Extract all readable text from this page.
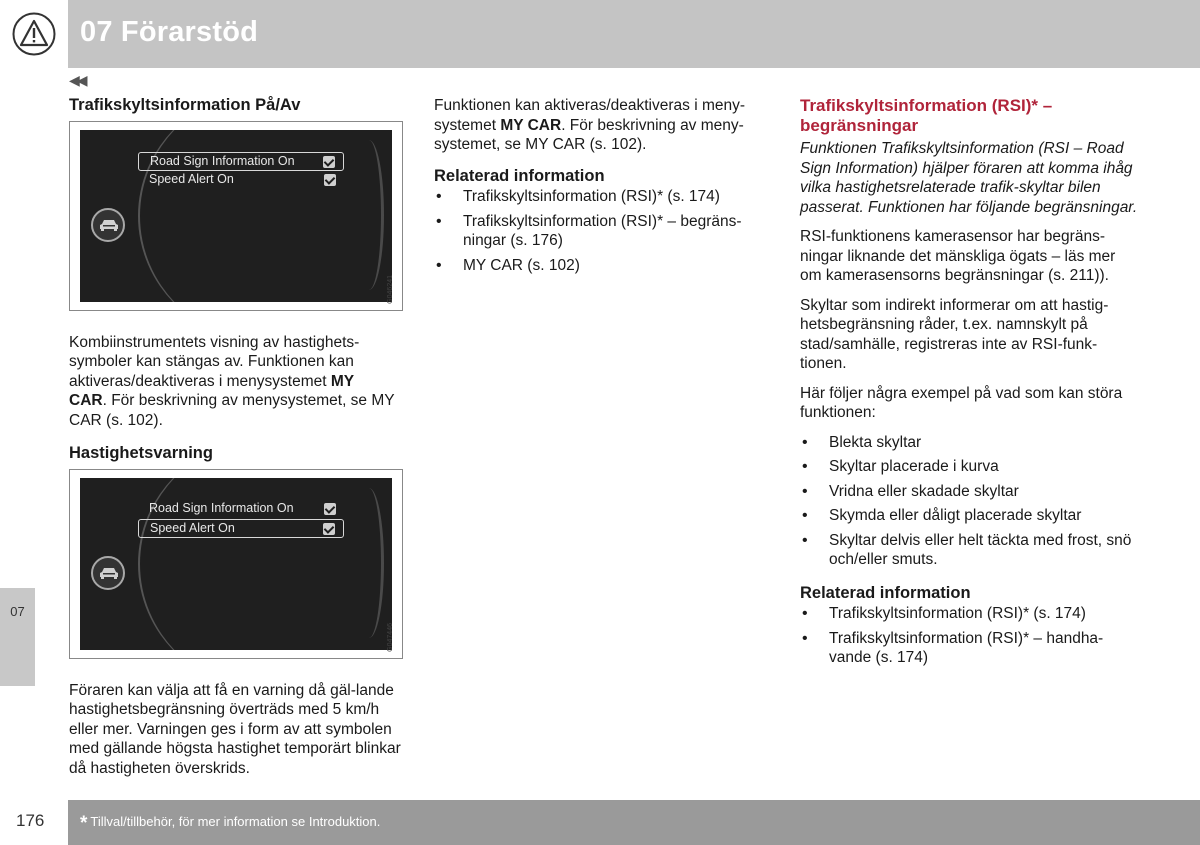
07 Förarstöd
◀◀
07
Trafikskyltsinformation På/Av
Road Sign Information On
Speed Alert On
G046241

Kombiinstrumentets visning av hastighets-symboler kan stängas av. Funktionen kan aktiveras/deaktiveras i menysystemet MY
CAR. För beskrivning av menysystemet, se MY CAR (s. 102).

Hastighetsvarning
Road Sign Information On
Speed Alert On
G047446

Föraren kan välja att få en varning då gäl-lande hastighetsbegränsning överträds med 5 km/h eller mer. Varningen ges i form av att symbolen med gällande högsta hastighet temporärt blinkar då hastigheten överskrids.

Funktionen kan aktiveras/deaktiveras i meny-systemet MY CAR. För beskrivning av meny-systemet, se MY CAR (s. 102).

Relaterad information
• Trafikskyltsinformation (RSI)* (s. 174)
• Trafikskyltsinformation (RSI)* – begräns-ningar (s. 176)
• MY CAR (s. 102)
Trafikskyltsinformation (RSI)* – begränsningar

Funktionen Trafikskyltsinformation (RSI – Road Sign Information) hjälper föraren att komma ihåg vilka hastighetsrelaterade trafik-skyltar bilen passerat. Funktionen har följande begränsningar.

RSI-funktionens kamerasensor har begräns-ningar liknande det mänskliga ögats – läs mer om kamerasensorns begränsningar (s. 211)).

Skyltar som indirekt informerar om att hastig-hetsbegränsning råder, t.ex. namnskylt på stad/samhälle, registreras inte av RSI-funk-tionen.

Här följer några exempel på vad som kan störa funktionen:

• Blekta skyltar
• Skyltar placerade i kurva
• Vridna eller skadade skyltar
• Skymda eller dåligt placerade skyltar
• Skyltar delvis eller helt täckta med frost, snö och/eller smuts.
Relaterad information
• Trafikskyltsinformation (RSI)* (s. 174)
• Trafikskyltsinformation (RSI)* – handha-vande (s. 174)
176 * Tillval/tillbehör, för mer information se Introduktion.
